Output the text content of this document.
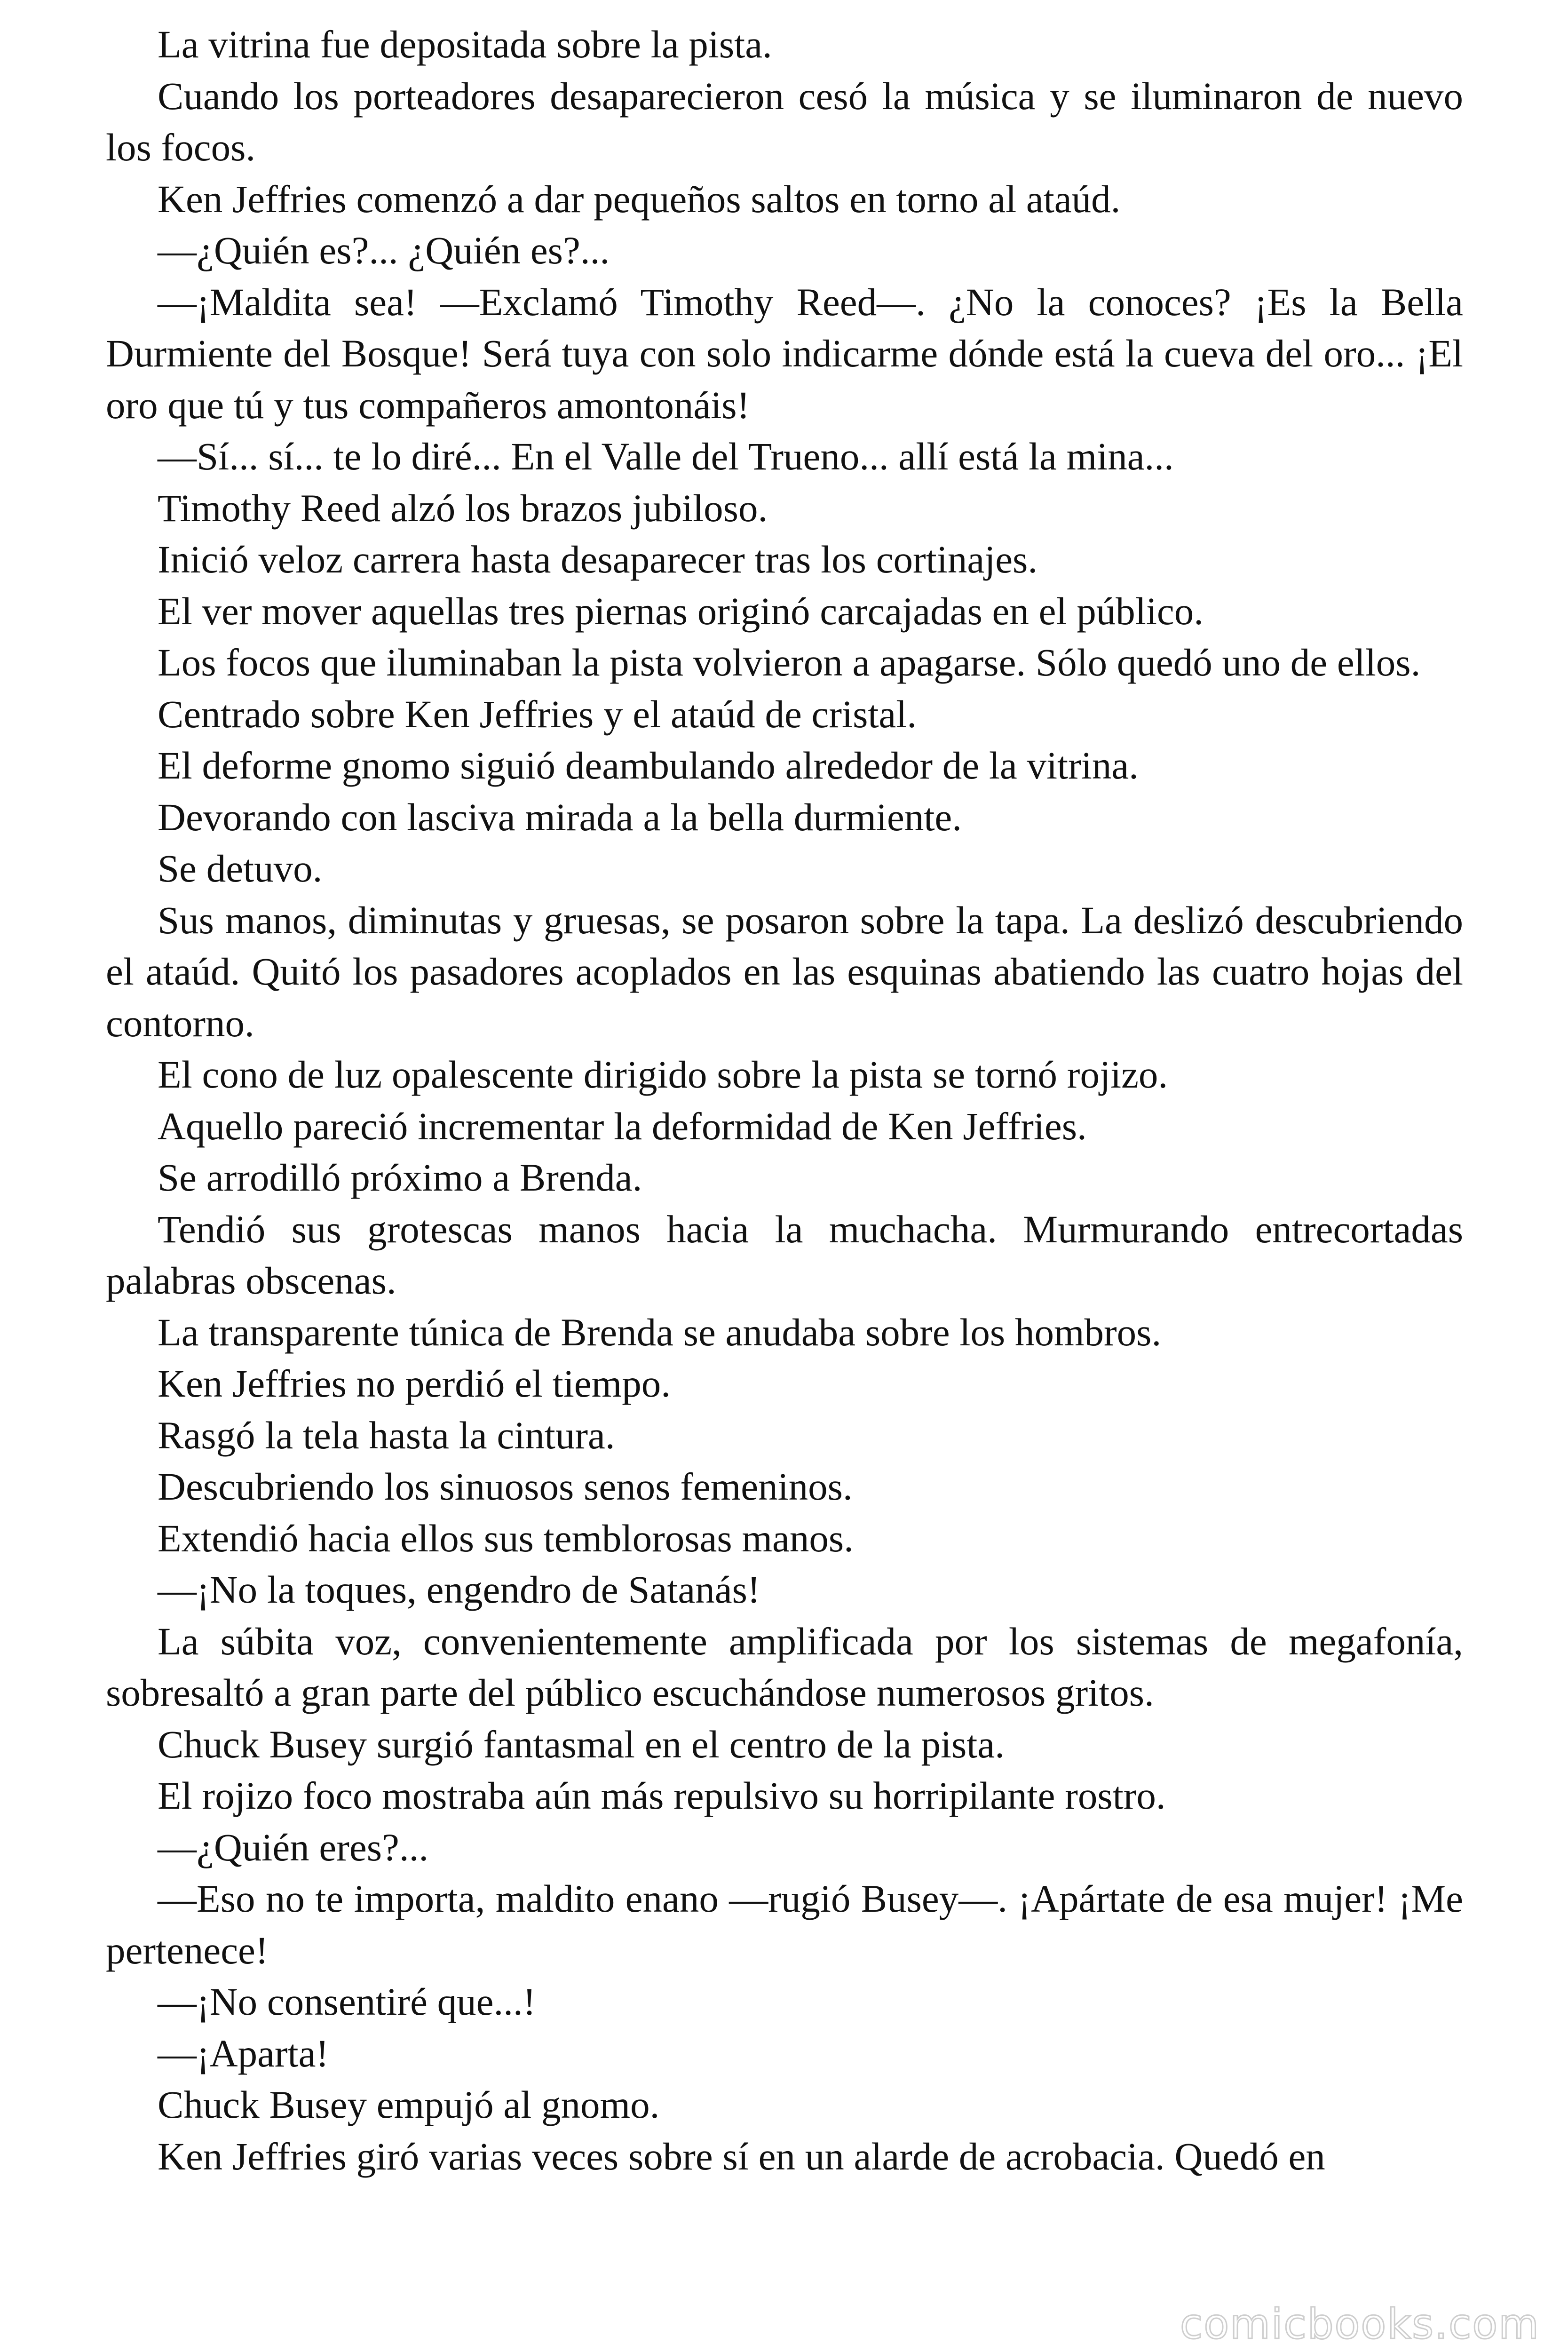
La vitrina fue depositada sobre la pista.

Cuando los porteadores desaparecieron cesó la música y se iluminaron de nuevo los focos.

Ken Jeffries comenzó a dar pequeños saltos en torno al ataúd.

—¿Quién es?... ¿Quién es?...

—¡Maldita sea! —Exclamó Timothy Reed—. ¿No la conoces? ¡Es la Bella Durmiente del Bosque! Será tuya con solo indicarme dónde está la cueva del oro... ¡El oro que tú y tus compañeros amontonáis!

—Sí... sí... te lo diré... En el Valle del Trueno... allí está la mina...

Timothy Reed alzó los brazos jubiloso.

Inició veloz carrera hasta desaparecer tras los cortinajes.

El ver mover aquellas tres piernas originó carcajadas en el público.

Los focos que iluminaban la pista volvieron a apagarse. Sólo quedó uno de ellos.

Centrado sobre Ken Jeffries y el ataúd de cristal.

El deforme gnomo siguió deambulando alrededor de la vitrina.

Devorando con lasciva mirada a la bella durmiente.

Se detuvo.

Sus manos, diminutas y gruesas, se posaron sobre la tapa. La deslizó descubriendo el ataúd. Quitó los pasadores acoplados en las esquinas abatiendo las cuatro hojas del contorno.

El cono de luz opalescente dirigido sobre la pista se tornó rojizo.

Aquello pareció incrementar la deformidad de Ken Jeffries.

Se arrodilló próximo a Brenda.

Tendió sus grotescas manos hacia la muchacha. Murmurando entrecortadas palabras obscenas.

La transparente túnica de Brenda se anudaba sobre los hombros.

Ken Jeffries no perdió el tiempo.

Rasgó la tela hasta la cintura.

Descubriendo los sinuosos senos femeninos.

Extendió hacia ellos sus temblorosas manos.

—¡No la toques, engendro de Satanás!

La súbita voz, convenientemente amplificada por los sistemas de megafonía, sobresaltó a gran parte del público escuchándose numerosos gritos.

Chuck Busey surgió fantasmal en el centro de la pista.

El rojizo foco mostraba aún más repulsivo su horripilante rostro.

—¿Quién eres?...

—Eso no te importa, maldito enano —rugió Busey—. ¡Apártate de esa mujer! ¡Me pertenece!

—¡No consentiré que...!

—¡Aparta!

Chuck Busey empujó al gnomo.

Ken Jeffries giró varias veces sobre sí en un alarde de acrobacia. Quedó en

comicbooks.com
